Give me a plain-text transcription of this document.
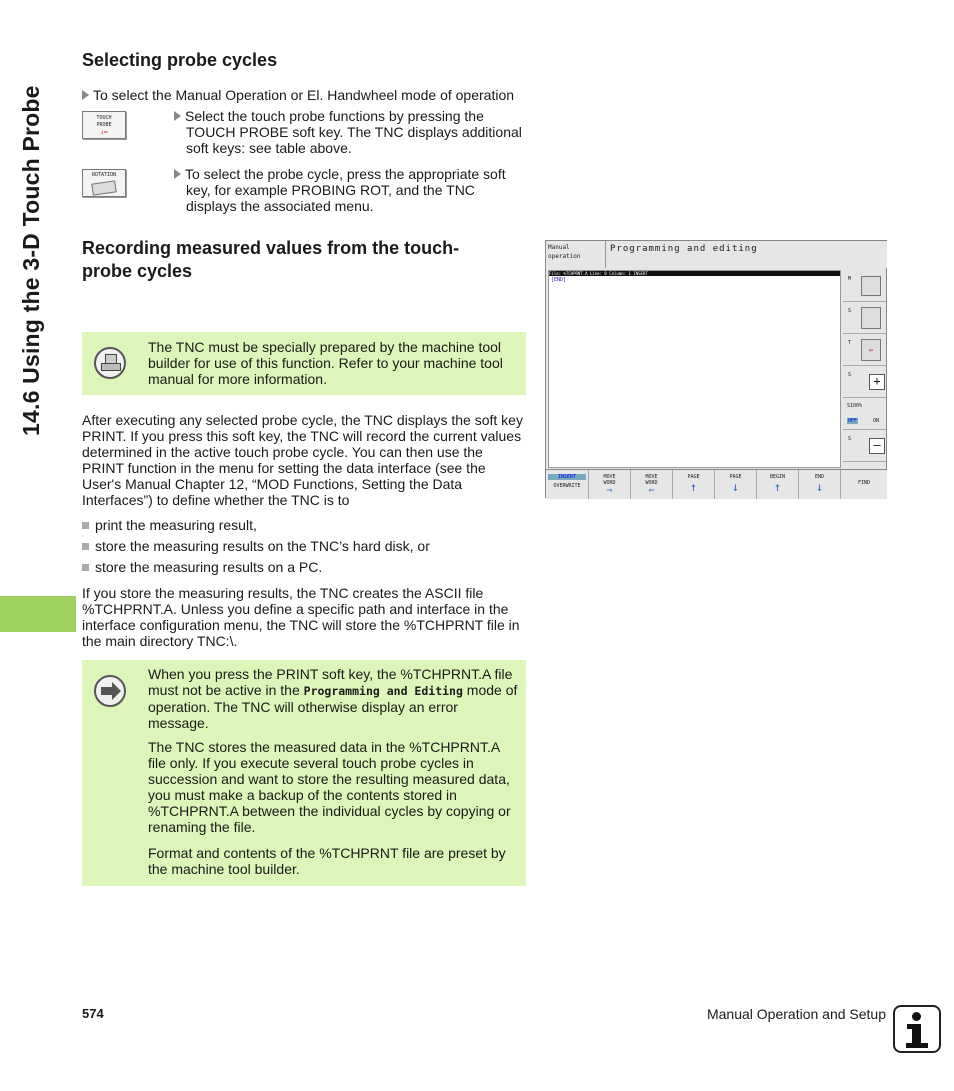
14.6 Using the 3-D Touch Probe
Selecting probe cycles
To select the Manual Operation or El. Handwheel mode of operation
TOUCH
PROBE
↓═
Select the touch probe functions by pressing the
TOUCH PROBE soft key. The TNC displays additional
soft keys: see table above.
ROTATION	To select the probe cycle, press the appropriate soft
key, for example PROBING ROT, and the TNC
displays the associated menu.
Recording measured values from the touch-
probe cycles
The TNC must be specially prepared by the machine tool builder for use of this function. Refer to your machine tool manual for more information.
After executing any selected probe cycle, the TNC displays the soft key PRINT. If you press this soft key, the TNC will record the current values determined in the active touch probe cycle. You can then use the PRINT function in the menu for setting the data interface (see the User's Manual Chapter 12, “MOD Functions, Setting the Data Interfaces”) to define whether the TNC is to
print the measuring result,
store the measuring results on the TNC’s hard disk, or
store the measuring results on a PC.
If you store the measuring results, the TNC creates the ASCII file %TCHPRNT.A. Unless you define a specific path and interface in the interface configuration menu, the TNC will store the %TCHPRNT file in the main directory TNC:\.
When you press the PRINT soft key, the %TCHPRNT.A file must not be active in the Programming and Editing mode of operation. The TNC will otherwise display an error message.
The TNC stores the measured data in the %TCHPRNT.A file only. If you execute several touch probe cycles in succession and want to store the resulting measured data, you must make a backup of the contents stored in %TCHPRNT.A between the individual cycles by copying or renaming the file.
Format and contents of the %TCHPRNT file are preset by the machine tool builder.
Manual
operation
Programming and editing
File: %TCHPRNT.A Line: 0 Column: 1 INSERT
[END]	M
S
T
↔
S	+
S100%
OFF	ON
S	–
INSERT
OVERWRITE
MOVE
WORD
⇒
MOVE
WORD
⇐
PAGE
↑
PAGE
↓
BEGIN
↑
END
↓	FIND
574	Manual Operation and Setup
